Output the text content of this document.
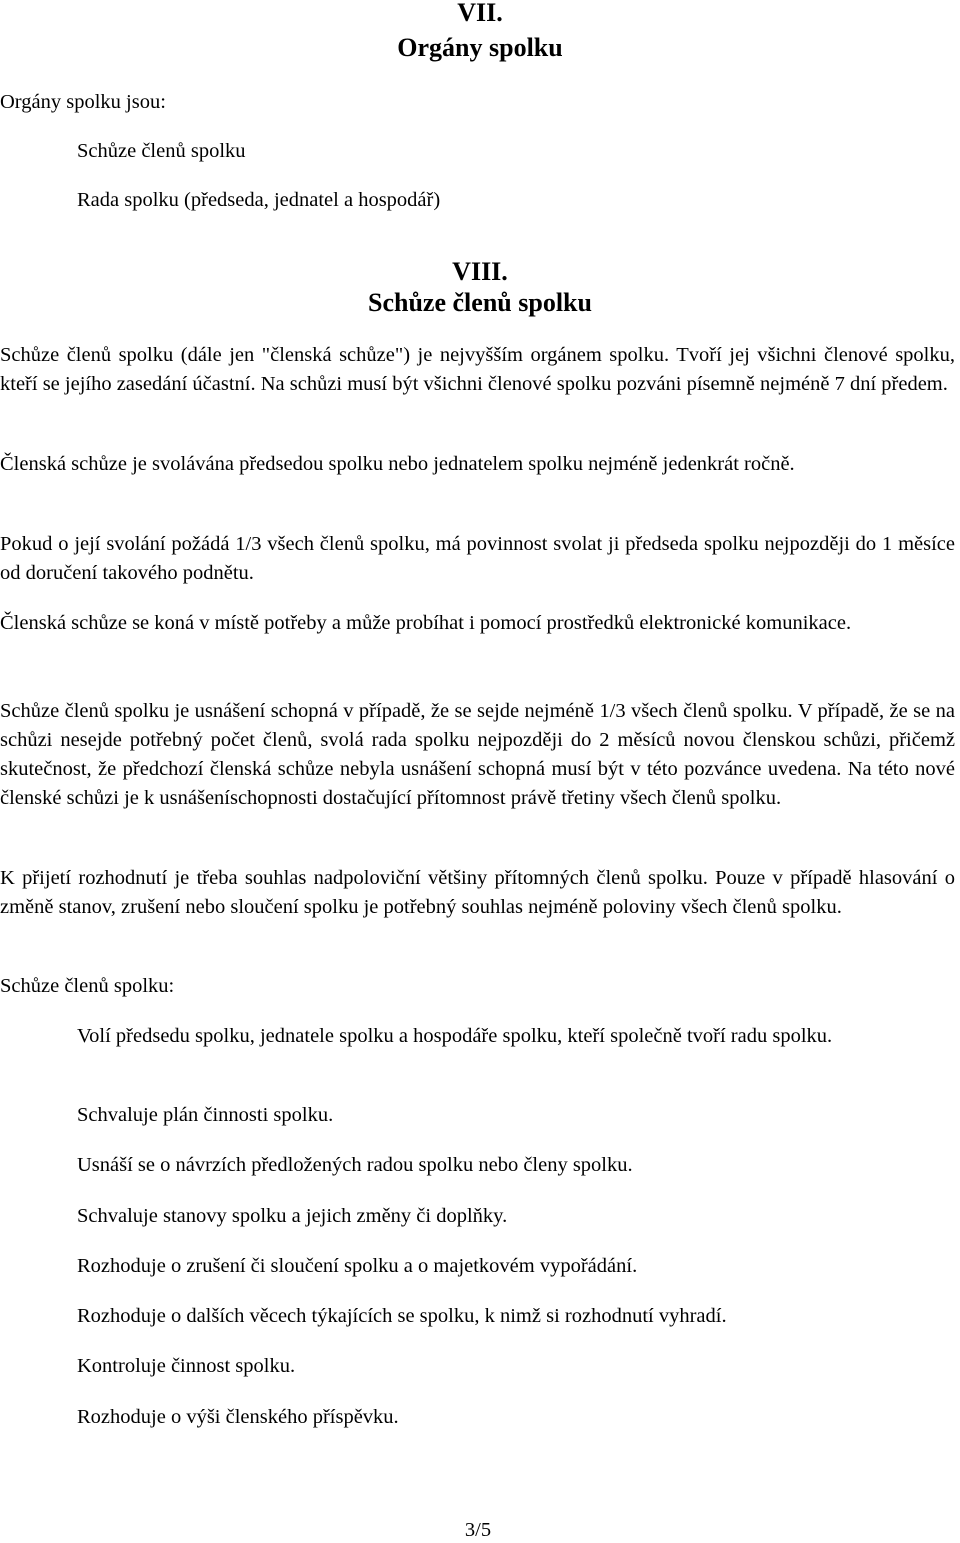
VII.
Orgány spolku

Orgány spolku jsou:

Schůze členů spolku

Rada spolku (předseda, jednatel a hospodář)

VIII.
Schůze členů spolku

Schůze členů spolku (dále jen "členská schůze") je nejvyšším orgánem spolku. Tvoří jej všichni členové spolku, kteří se jejího zasedání účastní. Na schůzi musí být všichni členové spolku pozváni písemně nejméně 7 dní předem.

Členská schůze je svolávána předsedou spolku nebo jednatelem spolku nejméně jedenkrát ročně.

Pokud o její svolání požádá 1/3 všech členů spolku, má povinnost svolat ji předseda spolku nejpozději do 1 měsíce od doručení takového podnětu.

Členská schůze se koná v místě potřeby a může probíhat i pomocí prostředků elektronické komunikace.

Schůze členů spolku je usnášení schopná v případě, že se sejde nejméně 1/3 všech členů spolku. V případě, že se na schůzi nesejde potřebný počet členů, svolá rada spolku nejpozději do 2 měsíců novou členskou schůzi, přičemž skutečnost, že předchozí členská schůze nebyla usnášení schopná musí být v této pozvánce uvedena. Na této nové členské schůzi je k usnášeníschopnosti dostačující přítomnost právě třetiny všech členů spolku.

K přijetí rozhodnutí je třeba souhlas nadpoloviční většiny přítomných členů spolku. Pouze v případě hlasování o změně stanov, zrušení nebo sloučení spolku je potřebný souhlas nejméně poloviny všech členů spolku.

Schůze členů spolku:

Volí předsedu spolku, jednatele spolku a hospodáře spolku, kteří společně tvoří radu spolku.

Schvaluje plán činnosti spolku.

Usnáší se o návrzích předložených radou spolku nebo členy spolku.

Schvaluje stanovy spolku a jejich změny či doplňky.

Rozhoduje o zrušení či sloučení spolku a o majetkovém vypořádání.

Rozhoduje o dalších věcech týkajících se spolku, k nimž si rozhodnutí vyhradí.

Kontroluje činnost spolku.

Rozhoduje o výši členského příspěvku.

3/5
